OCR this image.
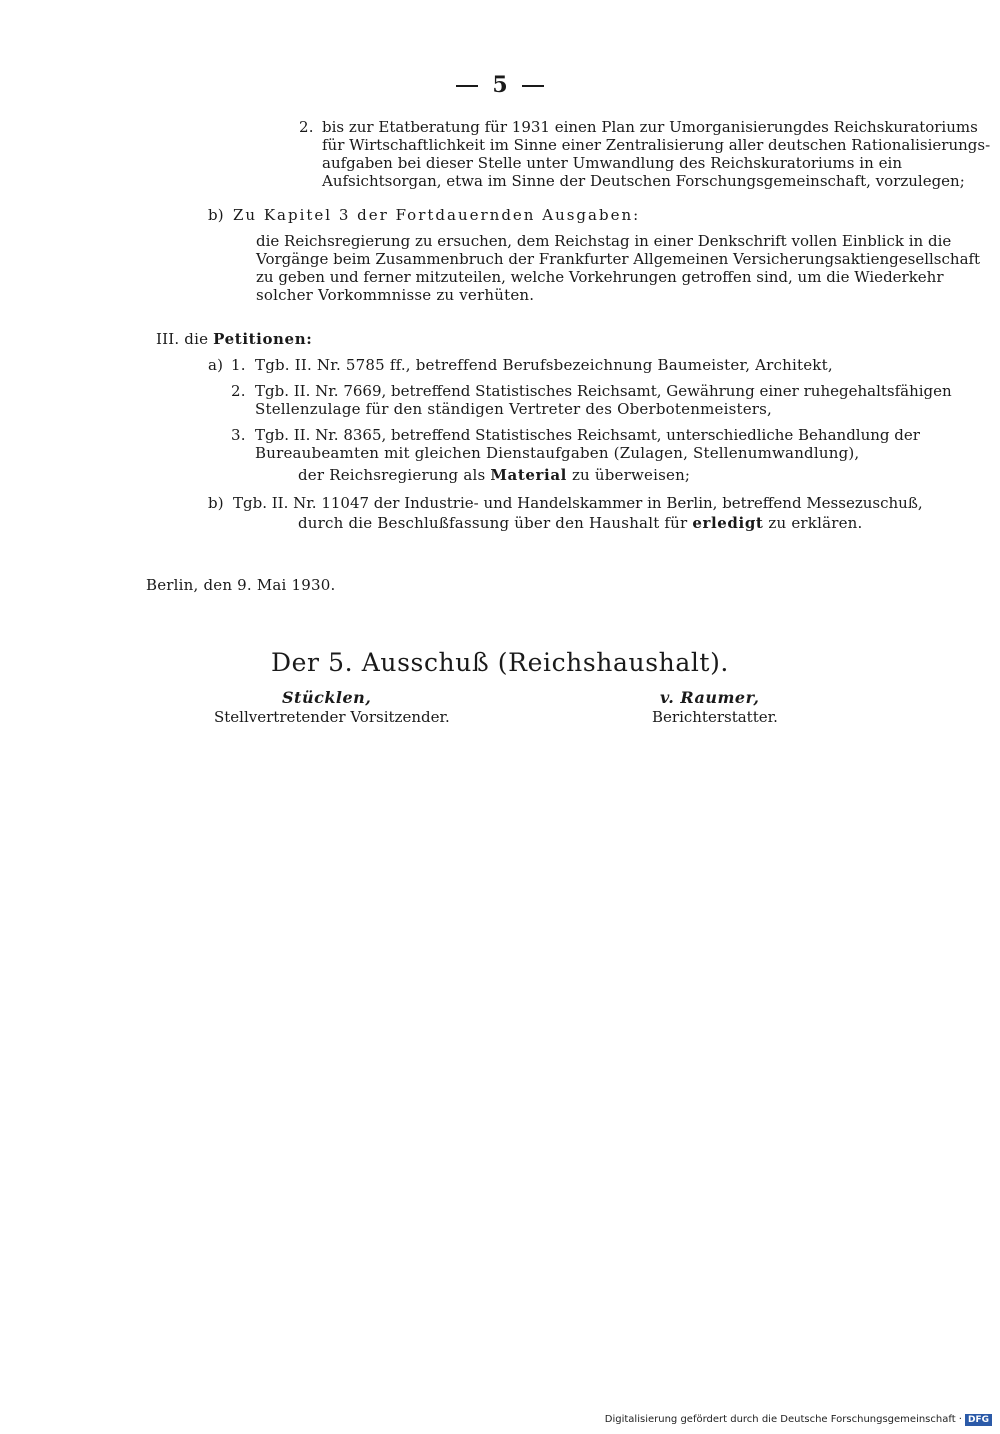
5
2. bis zur Etatberatung für 1931 einen Plan zur Umorganisierungdes Reichskuratoriums
für Wirtschaftlichkeit im Sinne einer Zentralisierung aller deutschen Rationalisierungs-
aufgaben bei dieser Stelle unter Umwandlung des Reichskuratoriums in ein
Aufsichtsorgan, etwa im Sinne der Deutschen Forschungsgemeinschaft, vorzulegen;
b) Zu Kapitel 3 der Fortdauernden Ausgaben:
die Reichsregierung zu ersuchen, dem Reichstag in einer Denkschrift vollen Einblick in die
Vorgänge beim Zusammenbruch der Frankfurter Allgemeinen Versicherungsaktiengesellschaft
zu geben und ferner mitzuteilen, welche Vorkehrungen getroffen sind, um die Wiederkehr
solcher Vorkommnisse zu verhüten.
III. die Petitionen:
a) 1. Tgb. II. Nr. 5785 ff., betreffend Berufsbezeichnung Baumeister, Architekt,
2. Tgb. II. Nr. 7669, betreffend Statistisches Reichsamt, Gewährung einer ruhegehaltsfähigen
Stellenzulage für den ständigen Vertreter des Oberbotenmeisters,
3. Tgb. II. Nr. 8365, betreffend Statistisches Reichsamt, unterschiedliche Behandlung der
Bureaubeamten mit gleichen Dienstaufgaben (Zulagen, Stellenumwandlung),
der Reichsregierung als Material zu überweisen;
b) Tgb. II. Nr. 11047 der Industrie- und Handelskammer in Berlin, betreffend Messezuschuß,
durch die Beschlußfassung über den Haushalt für erledigt zu erklären.
Berlin, den 9. Mai 1930.
Der 5. Ausschuß (Reichshaushalt).
Stücklen,
Stellvertretender Vorsitzender.
v. Raumer,
Berichterstatter.
Digitalisierung gefördert durch die Deutsche Forschungsgemeinschaft · DFG
